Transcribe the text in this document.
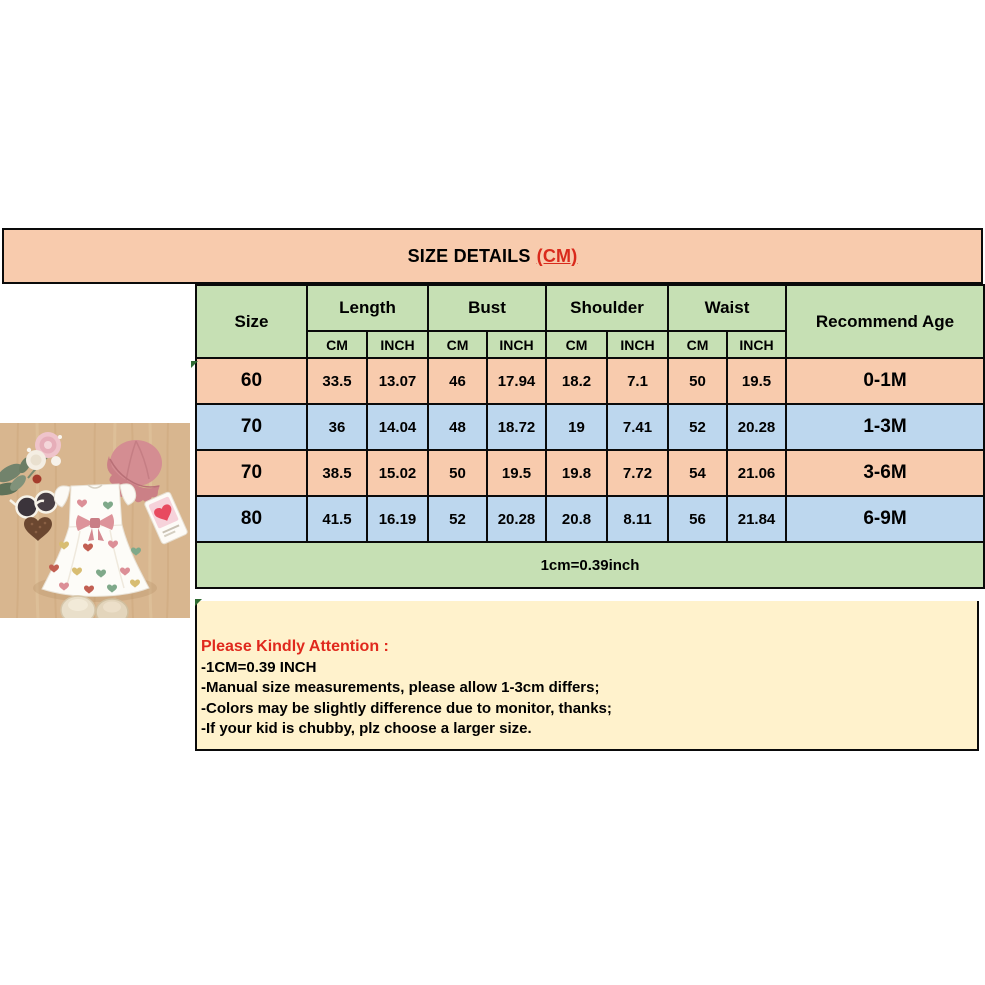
SIZE DETAILS (CM)
Size	Length		Bust		Shoulder		Waist		Recommend Age
	CM	INCH	CM	INCH	CM	INCH	CM	INCH	
60	33.5	13.07	46	17.94	18.2	7.1	50	19.5	0-1M
70	36	14.04	48	18.72	19	7.41	52	20.28	1-3M
70	38.5	15.02	50	19.5	19.8	7.72	54	21.06	3-6M
80	41.5	16.19	52	20.28	20.8	8.11	56	21.84	6-9M
1cm=0.39inch									
Please Kindly Attention :
-1CM=0.39 INCH
-Manual size measurements, please allow 1-3cm differs;
-Colors may be slightly difference due to monitor, thanks;
-If your kid is chubby, plz choose a larger size.
